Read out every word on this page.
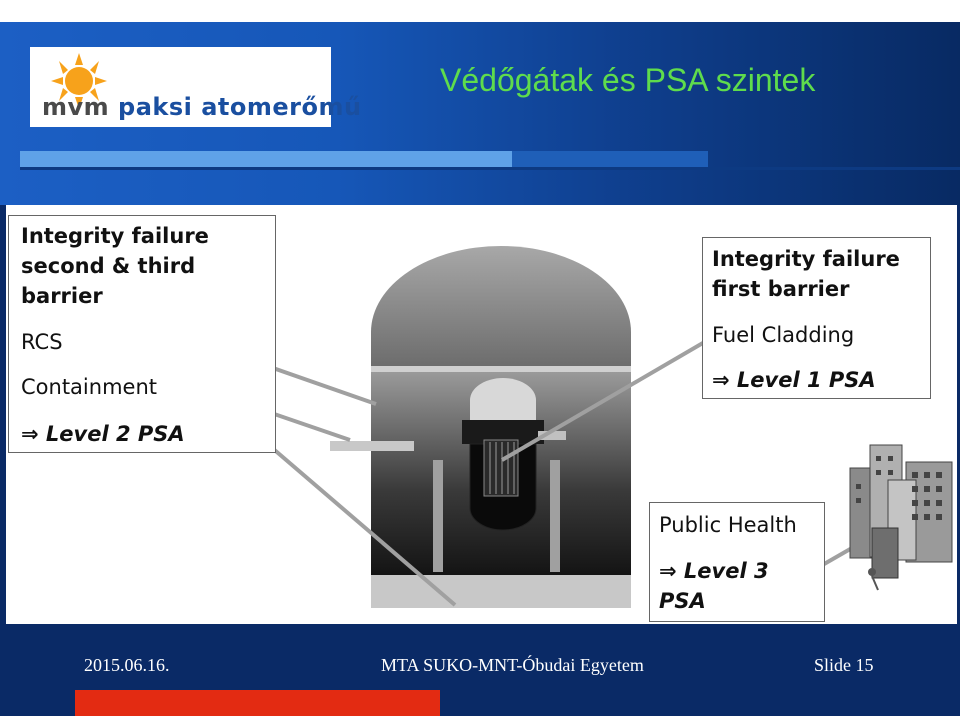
mvm paksi atomerőmű
Védőgátak és PSA szintek
Integrity failure
second & third
barrier
RCS
Containment
⇒ Level 2 PSA
Integrity failure
first barrier
Fuel Cladding
⇒ Level 1 PSA
Public Health
⇒ Level 3
PSA
2015.06.16.	MTA SUKO-MNT-Óbudai Egyetem	Slide 15
